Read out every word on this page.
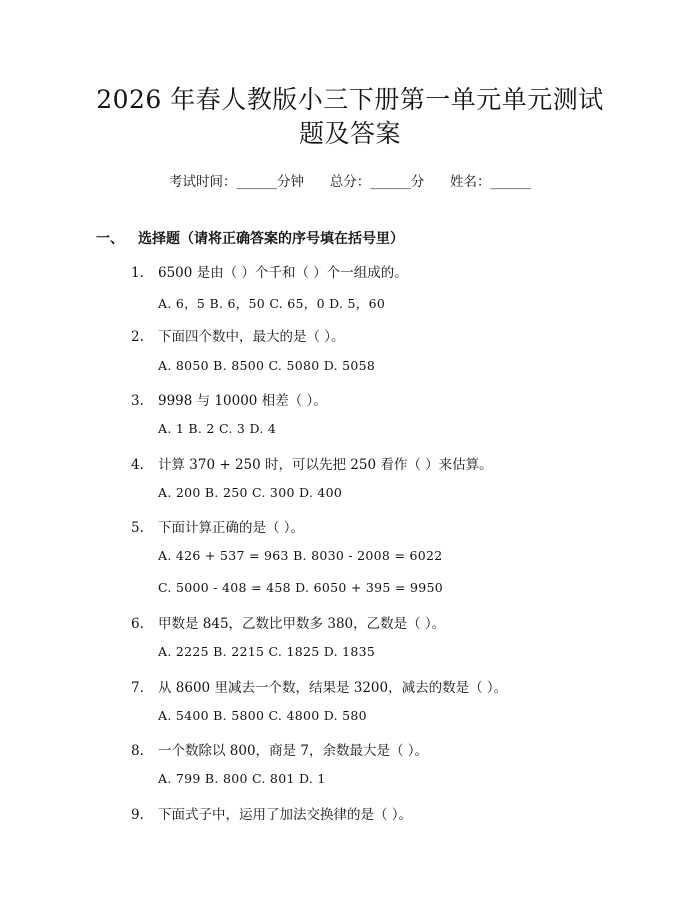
2026 年春人教版小三下册第一单元单元测试
题及答案
考试时间：______分钟 总分：______分 姓名：______
一、 选择题（请将正确答案的序号填在括号里）
1. 6500 是由（ ）个千和（ ）个一组成的。
A. 6，5 B. 6，50 C. 65，0 D. 5，60
2. 下面四个数中，最大的是（ ）。
A. 8050 B. 8500 C. 5080 D. 5058
3. 9998 与 10000 相差（ ）。
A. 1 B. 2 C. 3 D. 4
4. 计算 370 + 250 时，可以先把 250 看作（ ）来估算。
A. 200 B. 250 C. 300 D. 400
5. 下面计算正确的是（ ）。
A. 426 + 537 = 963 B. 8030 - 2008 = 6022
C. 5000 - 408 = 458 D. 6050 + 395 = 9950
6. 甲数是 845，乙数比甲数多 380，乙数是（ ）。
A. 2225 B. 2215 C. 1825 D. 1835
7. 从 8600 里减去一个数，结果是 3200，减去的数是（ ）。
A. 5400 B. 5800 C. 4800 D. 580
8. 一个数除以 800，商是 7，余数最大是（ ）。
A. 799 B. 800 C. 801 D. 1
9. 下面式子中，运用了加法交换律的是（ ）。
